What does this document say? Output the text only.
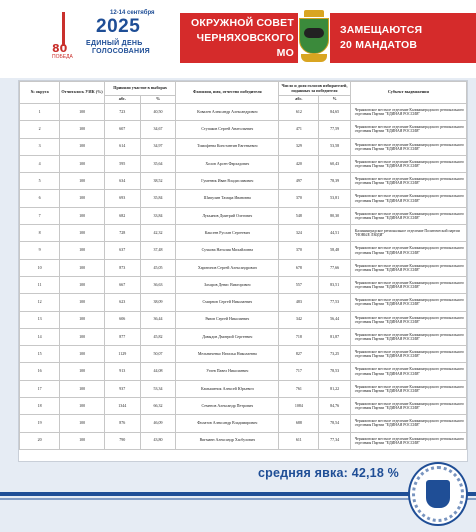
80
ПОБЕДА
12-14 сентября
2025
ЕДИНЫЙ ДЕНЬ
ГОЛОСОВАНИЯ
ОКРУЖНОЙ СОВЕТ
ЧЕРНЯХОВСКОГО МО
ЗАМЕЩАЮТСЯ
20 МАНДАТОВ
№ округа	Отчиталось УИК (%)	Приняли участие в выборах		Фамилия, имя, отчество победителя	Число и доля голосов избирателей, поданных за победителя		Субъект выдвижения
		абс.	%		абс.	%	
1	100	723	40,50	Ковалев Александр Александрович	612	84,65	Черняховское местное отделение Калининградского регионального отделения Партии "ЕДИНАЯ РОССИЯ"
2	100	607	34,67	Ступаков Сергей Анатольевич	471	77,59	Черняховское местное отделение Калининградского регионального отделения Партии "ЕДИНАЯ РОССИЯ"
3	100	614	34,97	Тимофеева Константин Евгеньевич	329	53,58	Черняховское местное отделение Калининградского регионального отделения Партии "ЕДИНАЯ РОССИЯ"
4	100	595	35,64	Холов Арсен Фархадович	420	60,43	Черняховское местное отделение Калининградского регионального отделения Партии "ЕДИНАЯ РОССИЯ"
5	100	634	38,52	Гуменюк Иван Владиславович	497	78,39	Черняховское местное отделение Калининградского регионального отделения Партии "ЕДИНАЯ РОССИЯ"
6	100	693	35,84	Шипулин Тамара Ивановна	370	53,81	Черняховское местное отделение Калининградского регионального отделения Партии "ЕДИНАЯ РОССИЯ"
7	100	682	33,84	Лукьянов Дмитрий Олегович	548	80,30	Черняховское местное отделение Калининградского регионального отделения Партии "ЕДИНАЯ РОССИЯ"
8	100	728	42,32	Каксеев Руслан Сергеевич	324	44,51	Калининградское региональное отделение Политической партии "НОВЫЕ ЛЮДИ"
9	100	637	37,48	Сучкова Наталия Михайловна	370	58,48	Черняховское местное отделение Калининградского регионального отделения Партии "ЕДИНАЯ РОССИЯ"
10	100	873	45,05	Харитонов Сергей Александрович	678	77,66	Черняховское местное отделение Калининградского регионального отделения Партии "ЕДИНАЯ РОССИЯ"
11	100	667	36,63	Захаров Денис Викторович	557	83,51	Черняховское местное отделение Калининградского регионального отделения Партии "ЕДИНАЯ РОССИЯ"
12	100	623	38,09	Смирнов Сергей Николаевич	483	77,53	Черняховское местное отделение Калининградского регионального отделения Партии "ЕДИНАЯ РОССИЯ"
13	100	606	36,44	Рявов Сергей Николаевич	342	56,44	Черняховское местное отделение Калининградского регионального отделения Партии "ЕДИНАЯ РОССИЯ"
14	100	877	45,82	Давыдов Дмитрий Сергеевич	718	81,87	Черняховское местное отделение Калининградского регионального отделения Партии "ЕДИНАЯ РОССИЯ"
15	100	1129	50,07	Мельниченко Наталья Николаевна	827	73,25	Черняховское местное отделение Калининградского регионального отделения Партии "ЕДИНАЯ РОССИЯ"
16	100	913	44,08	Углев Павел Николаевич	717	78,53	Черняховское местное отделение Калининградского регионального отделения Партии "ЕДИНАЯ РОССИЯ"
17	100	937	53,34	Камышенок Алексей Юрьевич	761	81,22	Черняховское местное отделение Калининградского регионального отделения Партии "ЕДИНАЯ РОССИЯ"
18	100	1344	66,32	Семенов Александр Петрович	1084	84,76	Черняховское местное отделение Калининградского регионального отделения Партии "ЕДИНАЯ РОССИЯ"
19	100	876	46,09	Филатов Александр Владимирович	688	78,54	Черняховское местное отделение Калининградского регионального отделения Партии "ЕДИНАЯ РОССИЯ"
20	100	790	43,80	Вигманн Александр Хасбулович	611	77,34	Черняховское местное отделение Калининградского регионального отделения Партии "ЕДИНАЯ РОССИЯ"
средняя явка: 42,18 %
